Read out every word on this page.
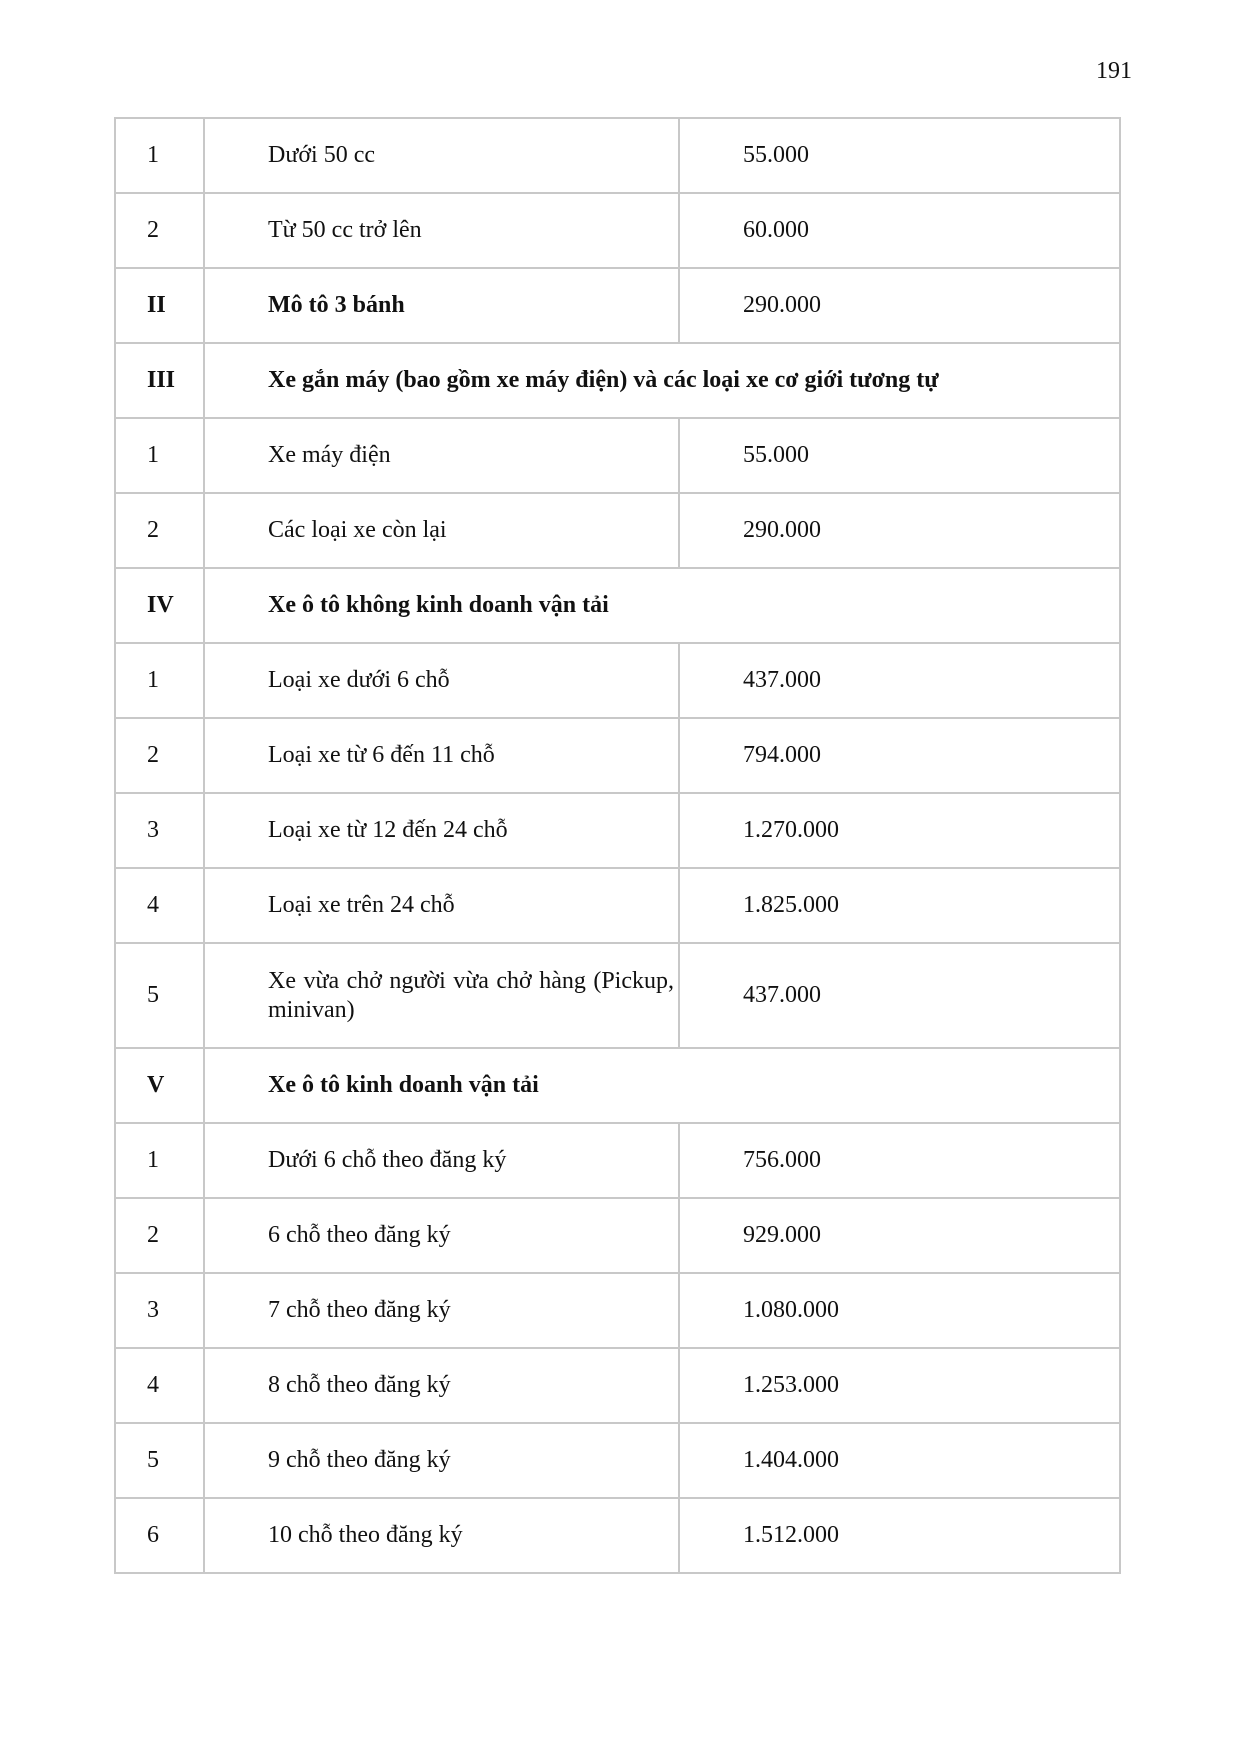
191
1	Dưới 50 cc	55.000
2	Từ 50 cc trở lên	60.000
II	Mô tô 3 bánh	290.000
III	Xe gắn máy (bao gồm xe máy điện) và các loại xe cơ giới tương tự	
1	Xe máy điện	55.000
2	Các loại xe còn lại	290.000
IV	Xe ô tô không kinh doanh vận tải	
1	Loại xe dưới 6 chỗ	437.000
2	Loại xe từ 6 đến 11 chỗ	794.000
3	Loại xe từ 12 đến 24 chỗ	1.270.000
4	Loại xe trên 24 chỗ	1.825.000
5	Xe vừa chở người vừa chở hàng (Pickup, minivan)	437.000
V	Xe ô tô kinh doanh vận tải	
1	Dưới 6 chỗ theo đăng ký	756.000
2	6 chỗ theo đăng ký	929.000
3	7 chỗ theo đăng ký	1.080.000
4	8 chỗ theo đăng ký	1.253.000
5	9 chỗ theo đăng ký	1.404.000
6	10 chỗ theo đăng ký	1.512.000
